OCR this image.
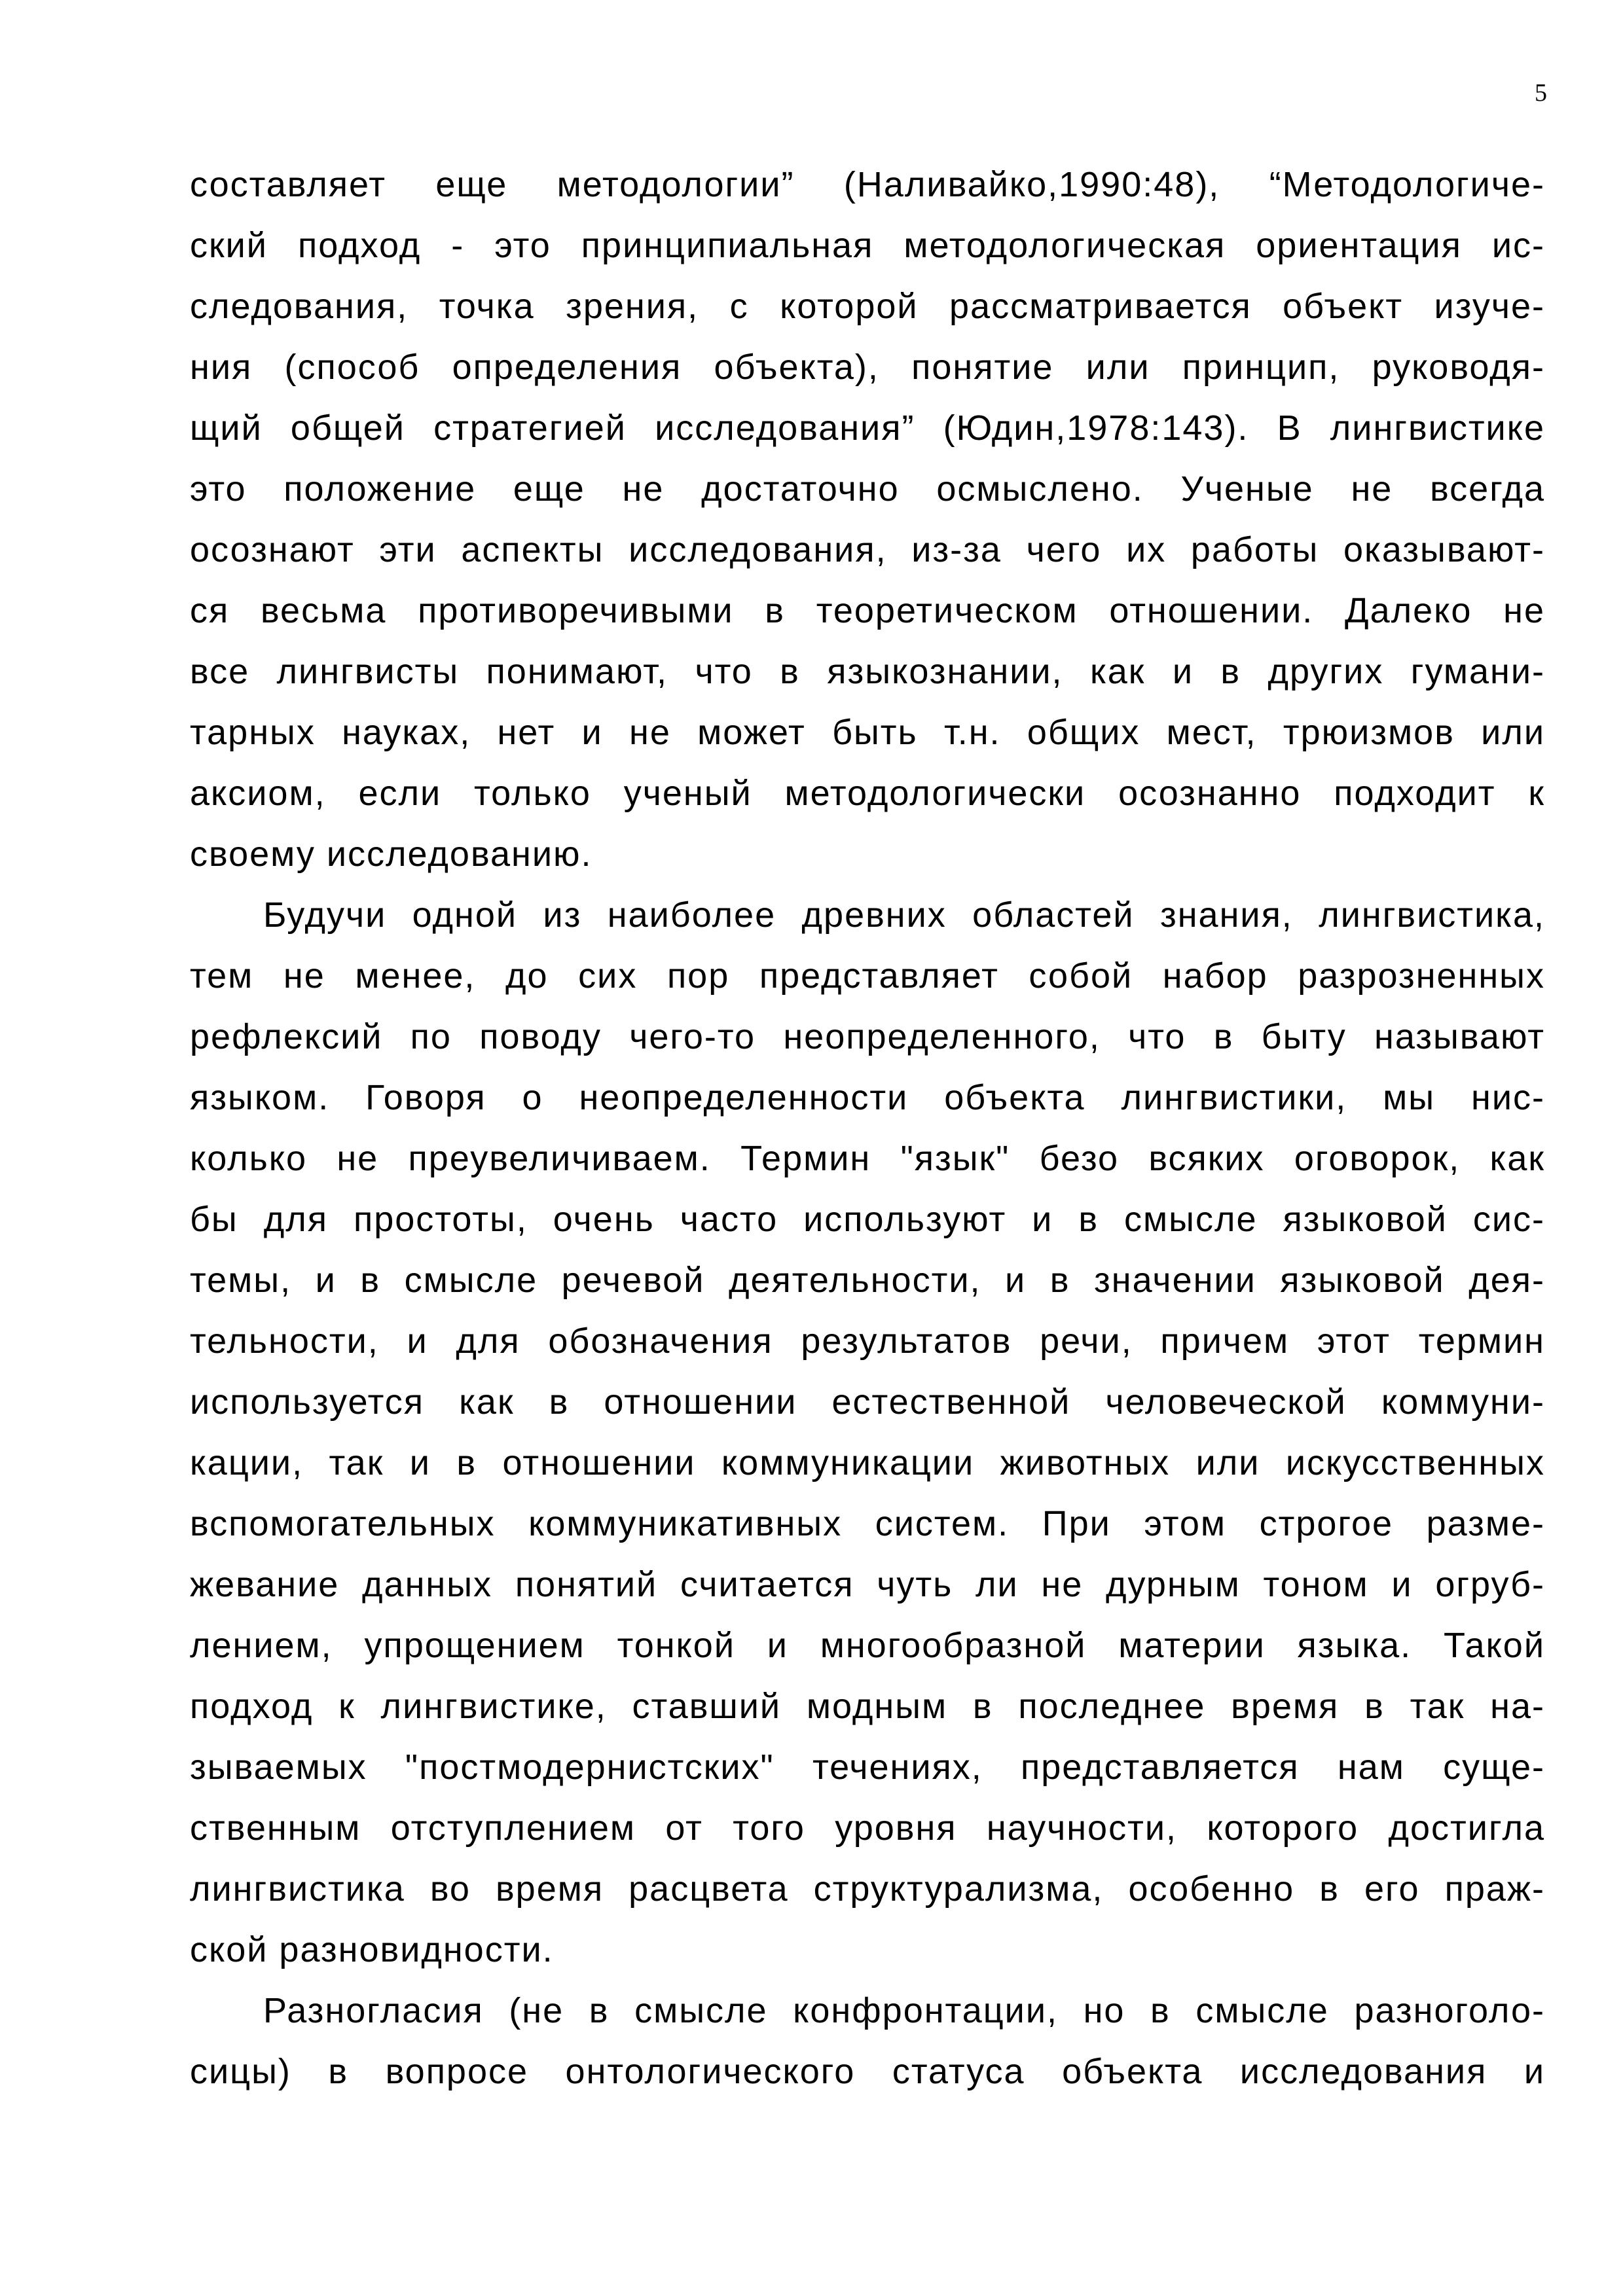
5
составляет еще методологии” (Наливайко,1990:48), “Методологиче-
ский подход - это принципиальная методологическая ориентация ис-
следования, точка зрения, с которой рассматривается объект изуче-
ния (способ определения объекта), понятие или принцип, руководя-
щий общей стратегией исследования” (Юдин,1978:143). В лингвистике
это положение еще не достаточно осмыслено. Ученые не всегда
осознают эти аспекты исследования, из-за чего их работы оказывают-
ся весьма противоречивыми в теоретическом отношении. Далеко не
все лингвисты понимают, что в языкознании, как и в других гумани-
тарных науках, нет и не может быть т.н. общих мест, трюизмов или
аксиом, если только ученый методологически осознанно подходит к
своему исследованию.
Будучи одной из наиболее древних областей знания, лингвистика,
тем не менее, до сих пор представляет собой набор разрозненных
рефлексий по поводу чего-то неопределенного, что в быту называют
языком. Говоря о неопределенности объекта лингвистики, мы нис-
колько не преувеличиваем. Термин "язык" безо всяких оговорок, как
бы для простоты, очень часто используют и в смысле языковой сис-
темы, и в смысле речевой деятельности, и в значении языковой дея-
тельности, и для обозначения результатов речи, причем этот термин
используется как в отношении естественной человеческой коммуни-
кации, так и в отношении коммуникации животных или искусственных
вспомогательных коммуникативных систем. При этом строгое разме-
жевание данных понятий считается чуть ли не дурным тоном и огруб-
лением, упрощением тонкой и многообразной материи языка. Такой
подход к лингвистике, ставший модным в последнее время в так на-
зываемых "постмодернистских" течениях, представляется нам суще-
ственным отступлением от того уровня научности, которого достигла
лингвистика во время расцвета структурализма, особенно в его праж-
ской разновидности.
Разногласия (не в смысле конфронтации, но в смысле разноголо-
сицы) в вопросе онтологического статуса объекта исследования и
